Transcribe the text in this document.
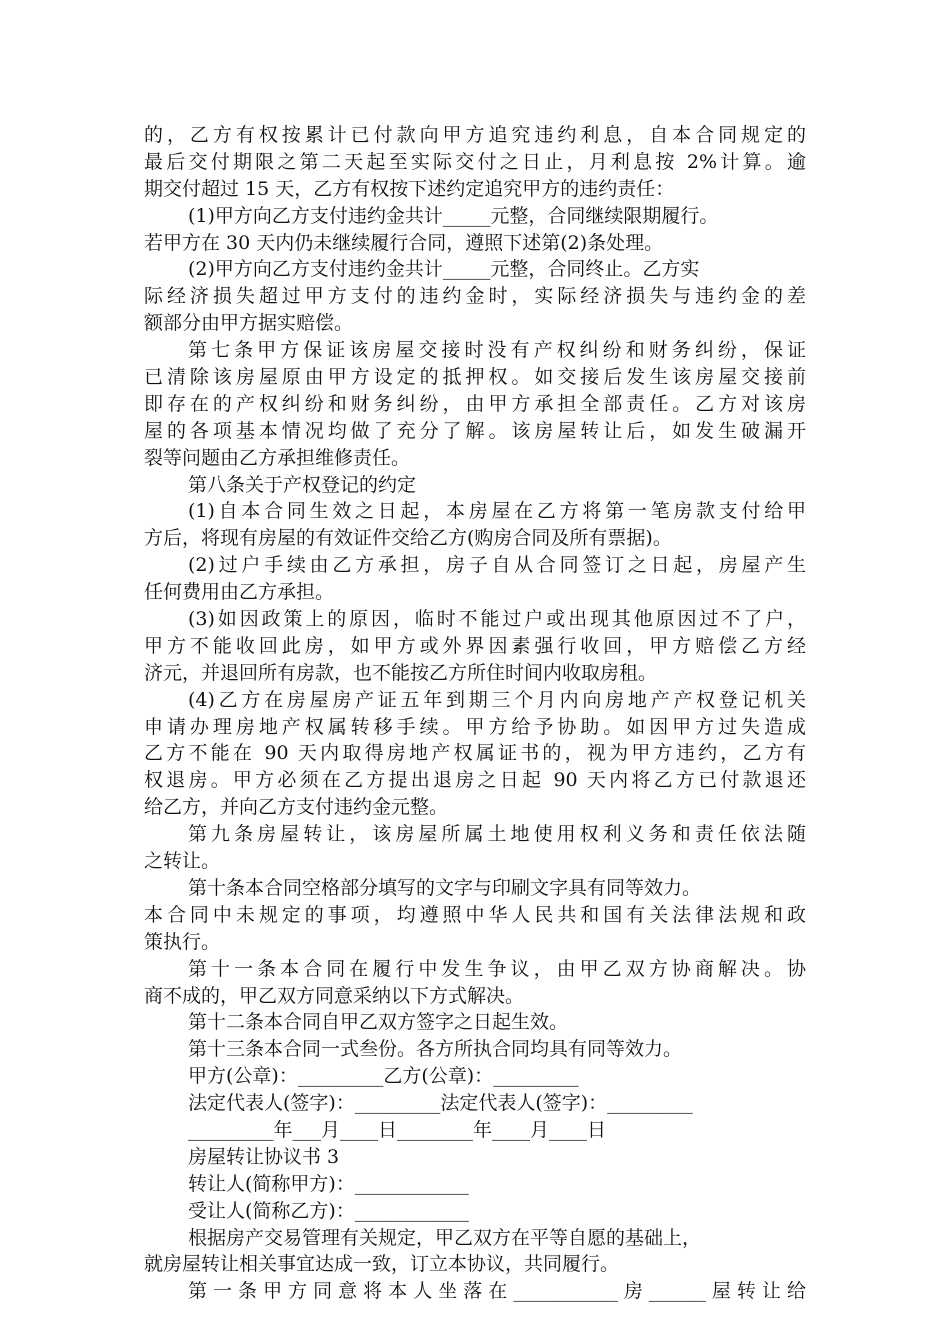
的，乙方有权按累计已付款向甲方追究违约利息，自本合同规定的
最后交付期限之第二天起至实际交付之日止，月利息按 2%计算。逾
期交付超过 15 天，乙方有权按下述约定追究甲方的违约责任：
(1)甲方向乙方支付违约金共计_____元整，合同继续限期履行。
若甲方在 30 天内仍未继续履行合同，遵照下述第(2)条处理。
(2)甲方向乙方支付违约金共计_____元整，合同终止。乙方实
际经济损失超过甲方支付的违约金时，实际经济损失与违约金的差
额部分由甲方据实赔偿。
第七条甲方保证该房屋交接时没有产权纠纷和财务纠纷，保证
已清除该房屋原由甲方设定的抵押权。如交接后发生该房屋交接前
即存在的产权纠纷和财务纠纷，由甲方承担全部责任。乙方对该房
屋的各项基本情况均做了充分了解。该房屋转让后，如发生破漏开
裂等问题由乙方承担维修责任。
第八条关于产权登记的约定
(1)自本合同生效之日起，本房屋在乙方将第一笔房款支付给甲
方后，将现有房屋的有效证件交给乙方(购房合同及所有票据)。
(2)过户手续由乙方承担，房子自从合同签订之日起，房屋产生
任何费用由乙方承担。
(3)如因政策上的原因，临时不能过户或出现其他原因过不了户，
甲方不能收回此房，如甲方或外界因素强行收回，甲方赔偿乙方经
济元，并退回所有房款，也不能按乙方所住时间内收取房租。
(4)乙方在房屋房产证五年到期三个月内向房地产产权登记机关
申请办理房地产权属转移手续。甲方给予协助。如因甲方过失造成
乙方不能在 90 天内取得房地产权属证书的，视为甲方违约，乙方有
权退房。甲方必须在乙方提出退房之日起 90 天内将乙方已付款退还
给乙方，并向乙方支付违约金元整。
第九条房屋转让，该房屋所属土地使用权利义务和责任依法随
之转让。
第十条本合同空格部分填写的文字与印刷文字具有同等效力。
本合同中未规定的事项，均遵照中华人民共和国有关法律法规和政
策执行。
第十一条本合同在履行中发生争议，由甲乙双方协商解决。协
商不成的，甲乙双方同意采纳以下方式解决。
第十二条本合同自甲乙双方签字之日起生效。
第十三条本合同一式叁份。各方所执合同均具有同等效力。
甲方(公章)：_________乙方(公章)：_________
法定代表人(签字)：_________法定代表人(签字)：_________
_________年___月____日________年____月____日
房屋转让协议书 3
转让人(简称甲方)：____________
受让人(简称乙方)：____________
根据房产交易管理有关规定，甲乙双方在平等自愿的基础上，
就房屋转让相关事宜达成一致，订立本协议，共同履行。
第一条甲方同意将本人坐落在___________房______屋转让给
